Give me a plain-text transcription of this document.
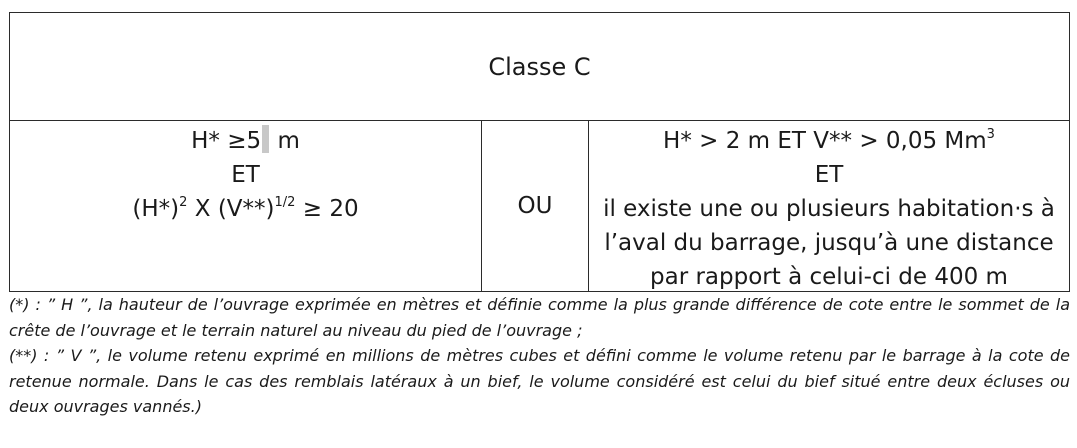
Classe C
H* ≥5 m
ET
$(H*)^2$ X $(V**)^{1/2} \ge 20$	OU
H* > 2 m ET V** > 0,05 Mm$^3$
ET
il existe une ou plusieurs habitation·s à
l’aval du barrage, jusqu’à une distance
par rapport à celui-ci de 400 m

(*) : ” H ”, la hauteur de l’ouvrage exprimée en mètres et définie comme la plus grande différence de cote entre le sommet de la crête de l’ouvrage et le terrain naturel au niveau du pied de l’ouvrage ;

(**) : ” V ”, le volume retenu exprimé en millions de mètres cubes et défini comme le volume retenu par le barrage à la cote de retenue normale. Dans le cas des remblais latéraux à un bief, le volume considéré est celui du bief situé entre deux écluses ou deux ouvrages vannés.)
